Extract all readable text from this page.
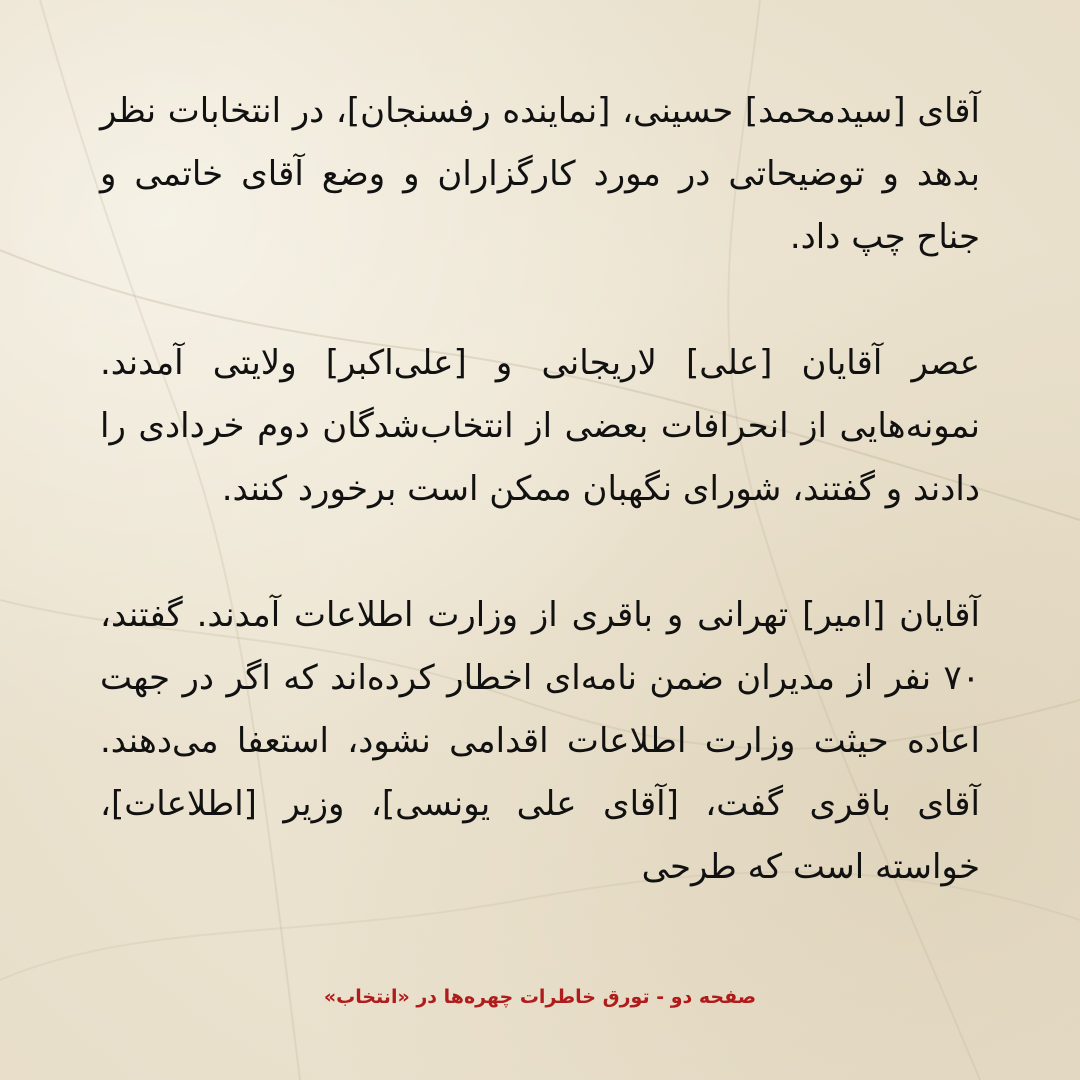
آقای [سیدمحمد] حسینی، [نماینده رفسنجان]، در انتخابات نظر بدهد و توضیحاتی در مورد کارگزاران و وضع آقای خاتمی و جناح چپ داد.

عصر آقایان [علی] لاریجانی و [علی‌اکبر] ولایتی آمدند. نمونه‌هایی از انحرافات بعضی از انتخاب‌شدگان دوم خردادی را دادند و گفتند، شورای نگهبان ممکن است برخورد کنند.

آقایان [امیر] تهرانی و باقری از وزارت اطلاعات آمدند. گفتند، ۷۰ نفر از مدیران ضمن نامه‌ای اخطار کرده‌اند که اگر در جهت اعاده حیثت وزارت اطلاعات اقدامی نشود، استعفا می‌دهند. آقای باقری گفت، [آقای علی یونسی]، وزیر [اطلاعات]، خواسته است که طرحی

صفحه دو - تورق خاطرات چهره‌ها در «انتخاب»
